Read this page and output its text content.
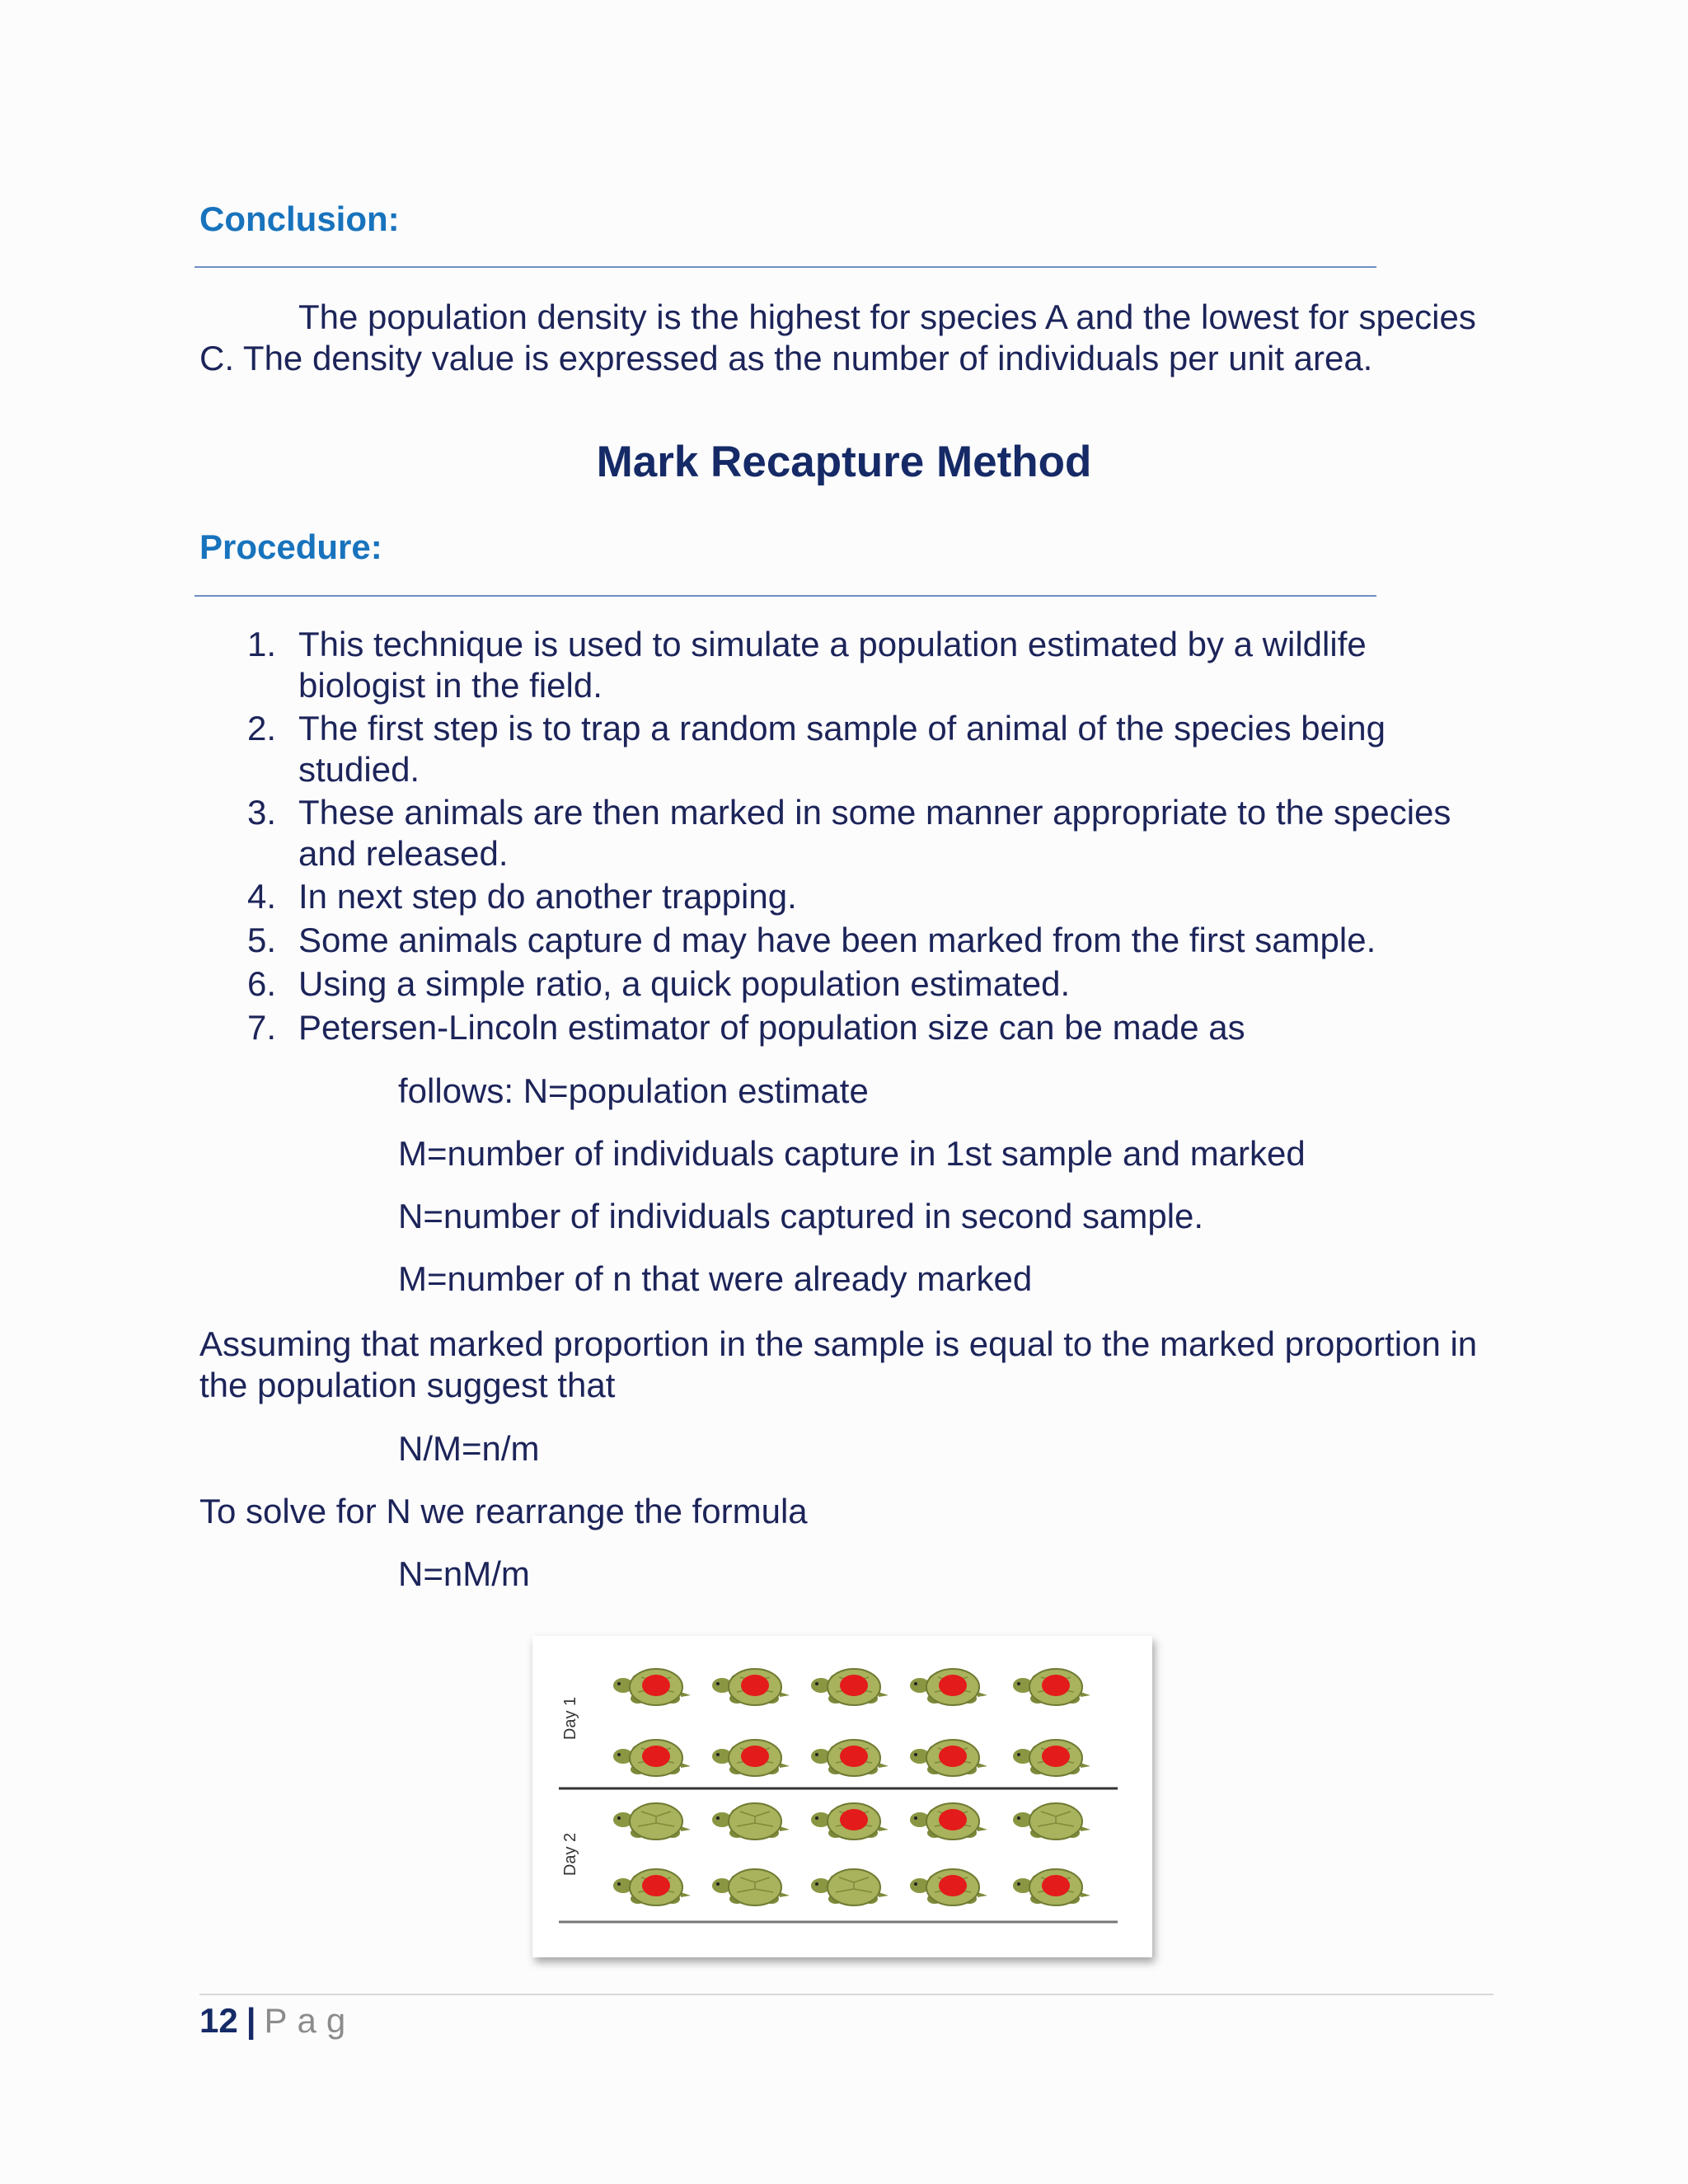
Conclusion:
The population density is the highest for species A and the lowest for species C. The density value is expressed as the number of individuals per unit area.
Mark Recapture Method
Procedure:
1. This technique is used to simulate a population estimated by a wildlife biologist in the field.
2. The first step is to trap a random sample of animal of the species being studied.
3. These animals are then marked in some manner appropriate to the species and released.
4. In next step do another trapping.
5. Some animals capture d may have been marked from the first sample.
6. Using a simple ratio, a quick population estimated.
7. Petersen-Lincoln estimator of population size can be made as
follows: N=population estimate
M=number of individuals capture in 1st sample and marked
N=number of individuals captured in second sample.
M=number of n that were already marked
Assuming that marked proportion in the sample is equal to the marked proportion in the population suggest that
N/M=n/m
To solve for N we rearrange the formula
N=nM/m
Day 1
Day 2
12 | Pag
